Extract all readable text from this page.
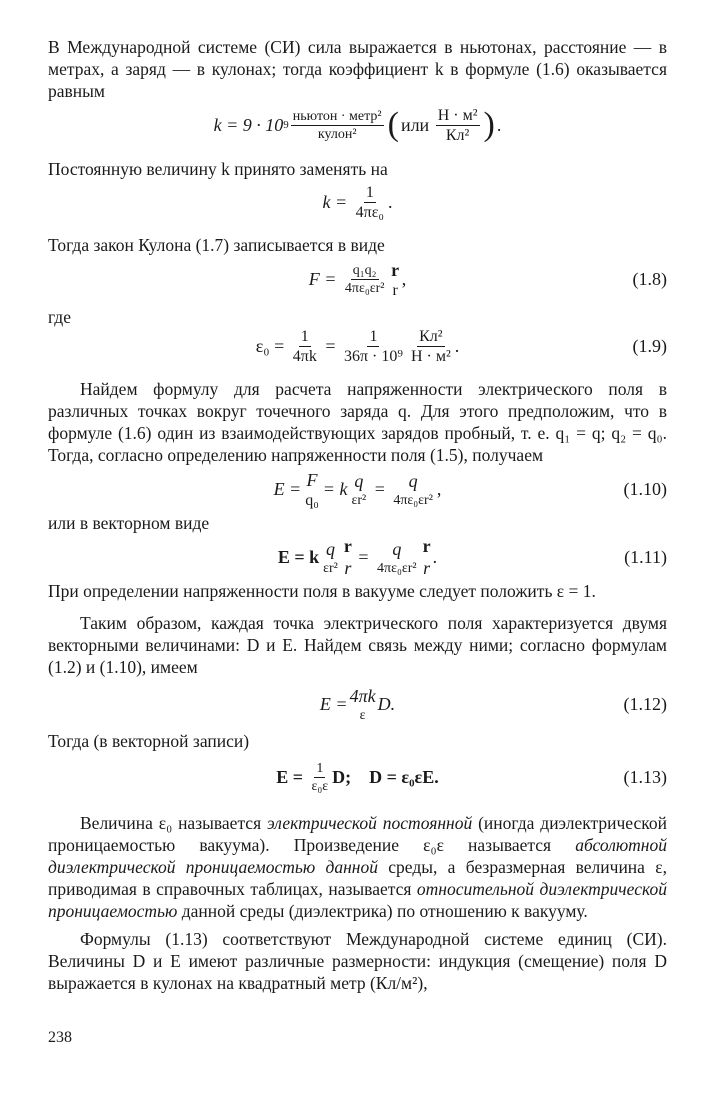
В Международной системе (СИ) сила выражается в ньютонах, расстояние — в метрах, а заряд — в кулонах; тогда коэффициент k в формуле (1.6) оказывается равным

k = 9 · 10 $9 \frac{\text{ньютон · метр²}}{\text{кулон²}}$ ( или
$\frac{\text{Н · м²}}{\text{Кл²}}$ ) .

Постоянную величину k принято заменять на

k =
$\frac{1}{\text{4πε₀}}$ .

Тогда закон Кулона (1.7) записывается в виде

F =
$\frac{\text{q₁q₂}}{\text{4πε₀εr²}}$ r
r
,	(1.8)

где

ε₀ =
$\frac{1}{4\pi k}$
=
$\frac{1}{\text{36π · 10⁹}} \frac{\text{Кл²}}{\text{Н · м²}}$ .	(1.9)

Найдем формулу для расчета напряженности электрического поля в различных точках вокруг точечного заряда q. Для этого предположим, что в формуле (1.6) один из взаимодействующих зарядов пробный, т. е. q₁ = q; q₂ = q₀. Тогда, согласно определению напряженности поля (1.5), получаем

E = F
q₀
= k q
εr²

=
q
4πε₀εr²
,	(1.10)

или в векторном виде

E = k q
εr²
r
r

=
q
4πε₀εr²
r
r
.	(1.11)

При определении напряженности поля в вакууме следует положить ε = 1.

Таким образом, каждая точка электрического поля характеризуется двумя векторными величинами: D и E. Найдем связь между ними; согласно формулам (1.2) и (1.10), имеем

E = 4πk
ε
D.	(1.12)

Тогда (в векторной записи)

E =
$\frac{1}{\text{ε₀ε}} D$;
D = ε₀εE.	(1.13)

Величина ε₀ называется электрической постоянной (иногда диэлектрической проницаемостью вакуума). Произведение ε₀ε называется абсолютной диэлектрической проницаемостью данной среды, а безразмерная величина ε, приводимая в справочных таблицах, называется относительной диэлектрической проницаемостью данной среды (диэлектрика) по отношению к вакууму.

Формулы (1.13) соответствуют Международной системе единиц (СИ). Величины D и E имеют различные размерности: индукция (смещение) поля D выражается в кулонах на квадратный метр (Кл/м²),

238
